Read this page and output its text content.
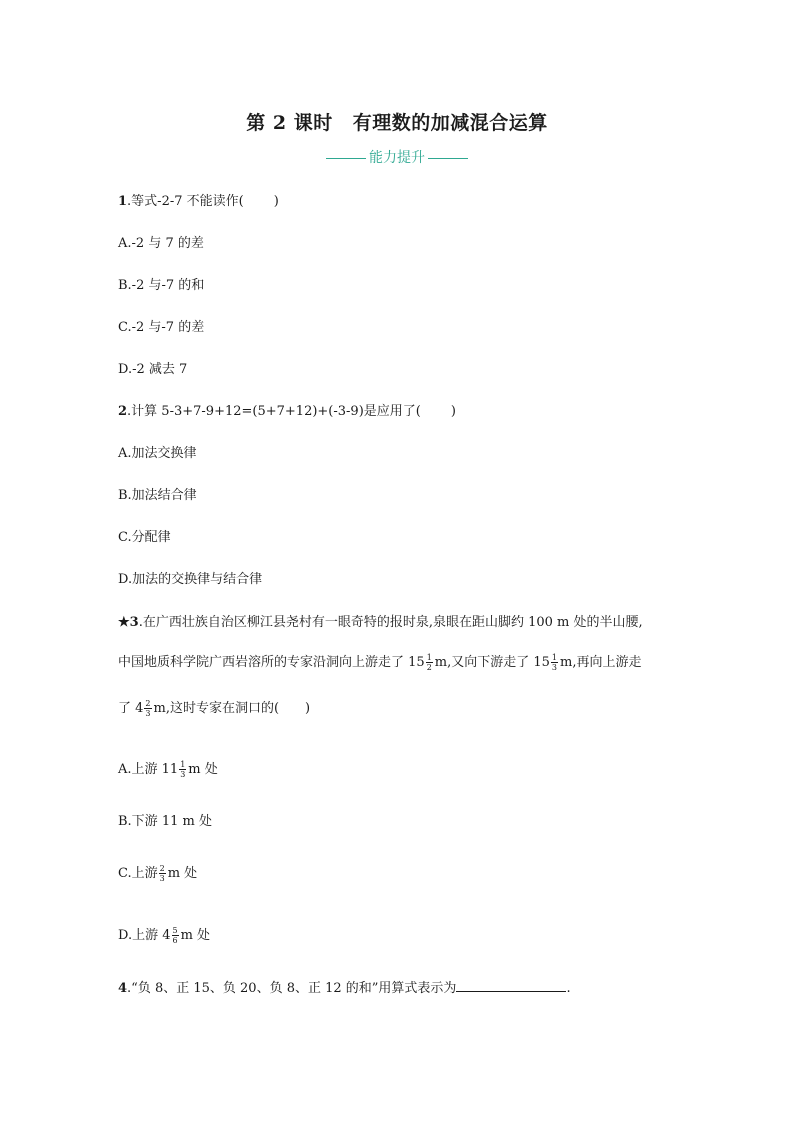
第 2 课时 有理数的加减混合运算
能力提升
1.等式-2-7 不能读作( )
A.-2 与 7 的差
B.-2 与-7 的和
C.-2 与-7 的差
D.-2 减去 7
2.计算 5-3+7-9+12=(5+7+12)+(-3-9)是应用了( )
A.加法交换律
B.加法结合律
C.分配律
D.加法的交换律与结合律
★3.在广西壮族自治区柳江县尧村有一眼奇特的报时泉,泉眼在距山脚约 100 m 处的半山腰,
中国地质科学院广西岩溶所的专家沿洞向上游走了 $15 \frac{1}{2} m$,又向下游走了 $15 \frac{1}{3} m$,再向上游走
了 $4 \frac{2}{3} m$,这时专家在洞口的( )
A.上游 $11 \frac{1}{3}$ m 处
B.下游 11 m 处
C.上游 $\frac{2}{3}$ m 处
D.上游 $4 \frac{5}{6}$ m 处
4.“负 8、正 15、负 20、负 8、正 12 的和”用算式表示为	.
